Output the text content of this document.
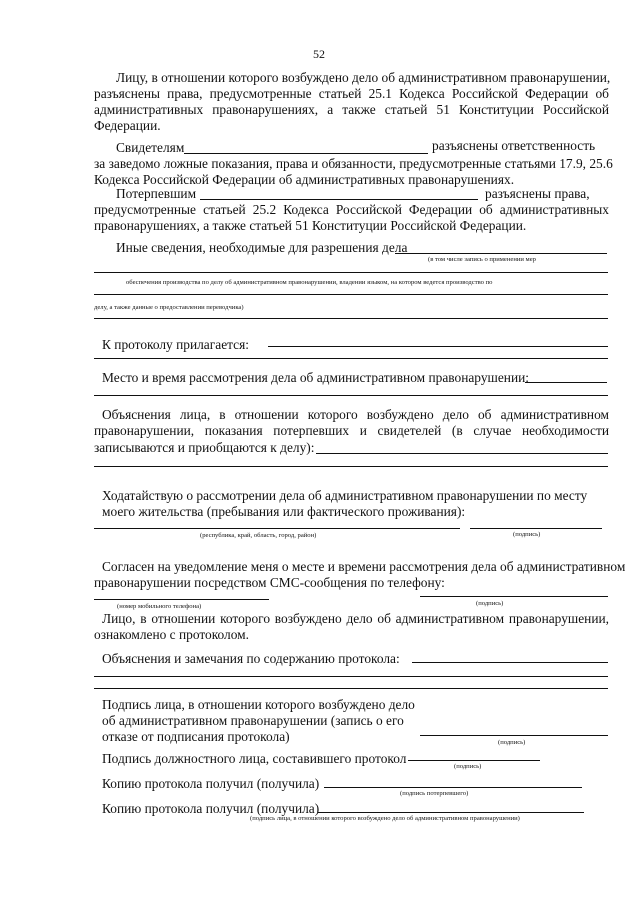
52
Лицу, в отношении которого возбуждено дело об административном правонарушении,
разъяснены права, предусмотренные статьей 25.1 Кодекса Российской Федерации об
административных правонарушениях, а также статьей 51 Конституции Российской
Федерации.
Свидетелям	разъяснены ответственность
за заведомо ложные показания, права и обязанности, предусмотренные статьями 17.9, 25.6
Кодекса Российской Федерации об административных правонарушениях.
Потерпевшим	разъяснены права,
предусмотренные статьей 25.2 Кодекса Российской Федерации об административных
правонарушениях, а также статьей 51 Конституции Российской Федерации.
Иные сведения, необходимые для разрешения дела
(в том числе запись о применении мер
обеспечения производства по делу об административном правонарушении, владении языком, на котором ведется производство по
делу, а также данные о предоставлении переводчика)
К протоколу прилагается:
Место и время рассмотрения дела об административном правонарушении:
Объяснения лица, в отношении которого возбуждено дело об административном
правонарушении, показания потерпевших и свидетелей (в случае необходимости
записываются и приобщаются к делу):
Ходатайствую о рассмотрении дела об административном правонарушении по месту
моего жительства (пребывания или фактического проживания):
(республика, край, область, город, район)	(подпись)
Согласен на уведомление меня о месте и времени рассмотрения дела об административном
правонарушении посредством СМС-сообщения по телефону:
(номер мобильного телефона)	(подпись)
Лицо, в отношении которого возбуждено дело об административном правонарушении,
ознакомлено с протоколом.
Объяснения и замечания по содержанию протокола:
Подпись лица, в отношении которого возбуждено дело
об административном правонарушении (запись о его
отказе от подписания протокола)	(подпись)
Подпись должностного лица, составившего протокол
(подпись)
Копию протокола получил (получила)
(подпись потерпевшего)
Копию протокола получил (получила)
(подпись лица, в отношении которого возбуждено дело об административном правонарушении)
